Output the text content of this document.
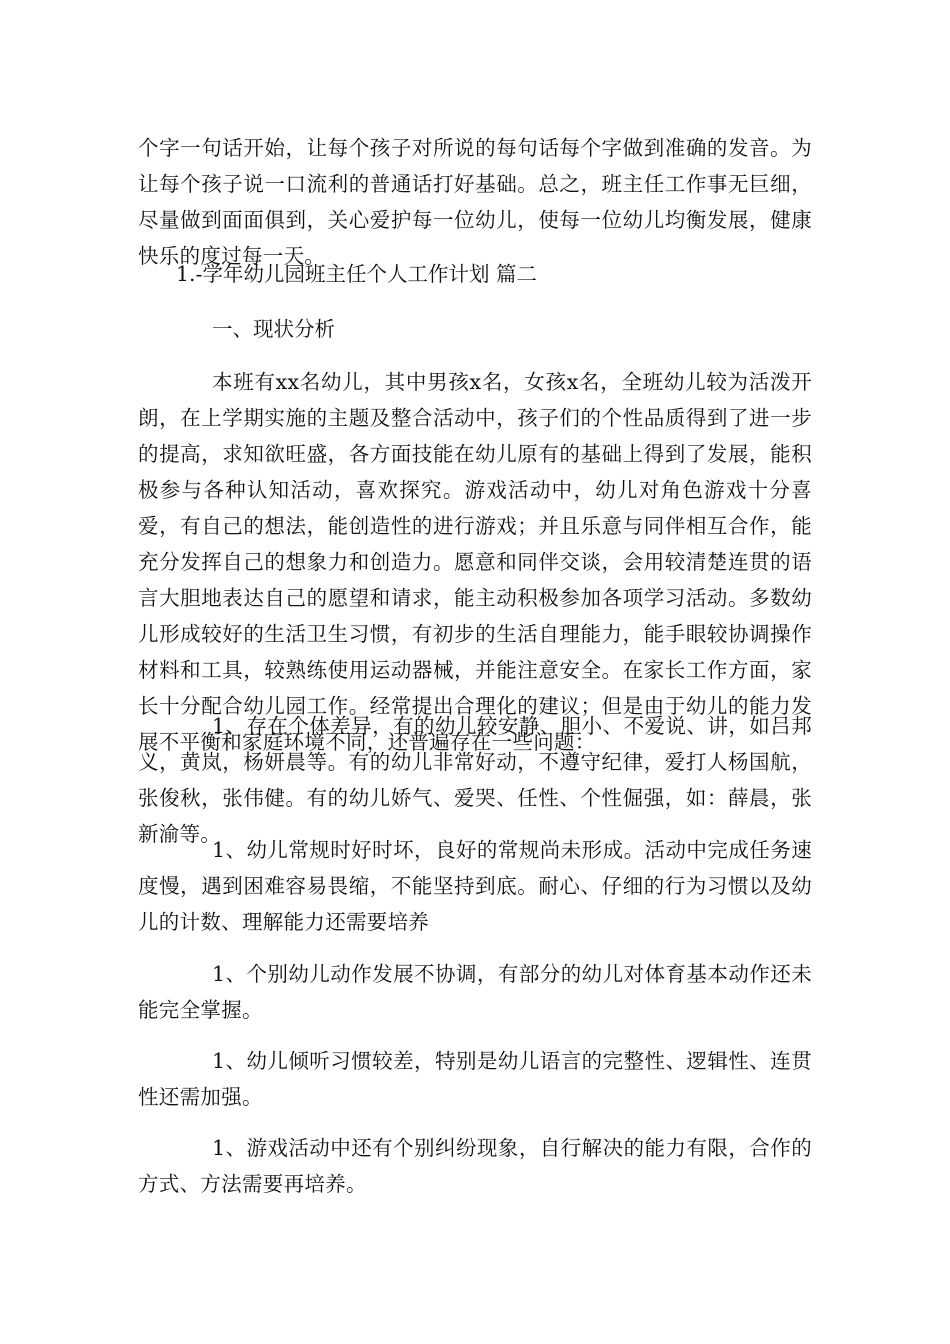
个字一句话开始，让每个孩子对所说的每句话每个字做到准确的发音。为让每个孩子说一口流利的普通话打好基础。总之，班主任工作事无巨细，尽量做到面面俱到，关心爱护每一位幼儿，使每一位幼儿均衡发展，健康快乐的度过每一天。

1.-学年幼儿园班主任个人工作计划 篇二

一、现状分析

本班有xx名幼儿，其中男孩x名，女孩x名，全班幼儿较为活泼开朗，在上学期实施的主题及整合活动中，孩子们的个性品质得到了进一步的提高，求知欲旺盛，各方面技能在幼儿原有的基础上得到了发展，能积极参与各种认知活动，喜欢探究。游戏活动中，幼儿对角色游戏十分喜爱，有自己的想法，能创造性的进行游戏；并且乐意与同伴相互合作，能充分发挥自己的想象力和创造力。愿意和同伴交谈，会用较清楚连贯的语言大胆地表达自己的愿望和请求，能主动积极参加各项学习活动。多数幼儿形成较好的生活卫生习惯，有初步的生活自理能力，能手眼较协调操作材料和工具，较熟练使用运动器械，并能注意安全。在家长工作方面，家长十分配合幼儿园工作。经常提出合理化的建议；但是由于幼儿的能力发展不平衡和家庭环境不同，还普遍存在一些问题：

1、存在个体差异，有的幼儿较安静、胆小、不爱说、讲，如吕邦义，黄岚，杨妍晨等。有的幼儿非常好动，不遵守纪律，爱打人杨国航，张俊秋，张伟健。有的幼儿娇气、爱哭、任性、个性倔强，如：薛晨，张新渝等。

1、幼儿常规时好时坏，良好的常规尚未形成。活动中完成任务速度慢，遇到困难容易畏缩，不能坚持到底。耐心、仔细的行为习惯以及幼儿的计数、理解能力还需要培养

1、个别幼儿动作发展不协调，有部分的幼儿对体育基本动作还未能完全掌握。

1、幼儿倾听习惯较差，特别是幼儿语言的完整性、逻辑性、连贯性还需加强。

1、游戏活动中还有个别纠纷现象，自行解决的能力有限，合作的方式、方法需要再培养。
